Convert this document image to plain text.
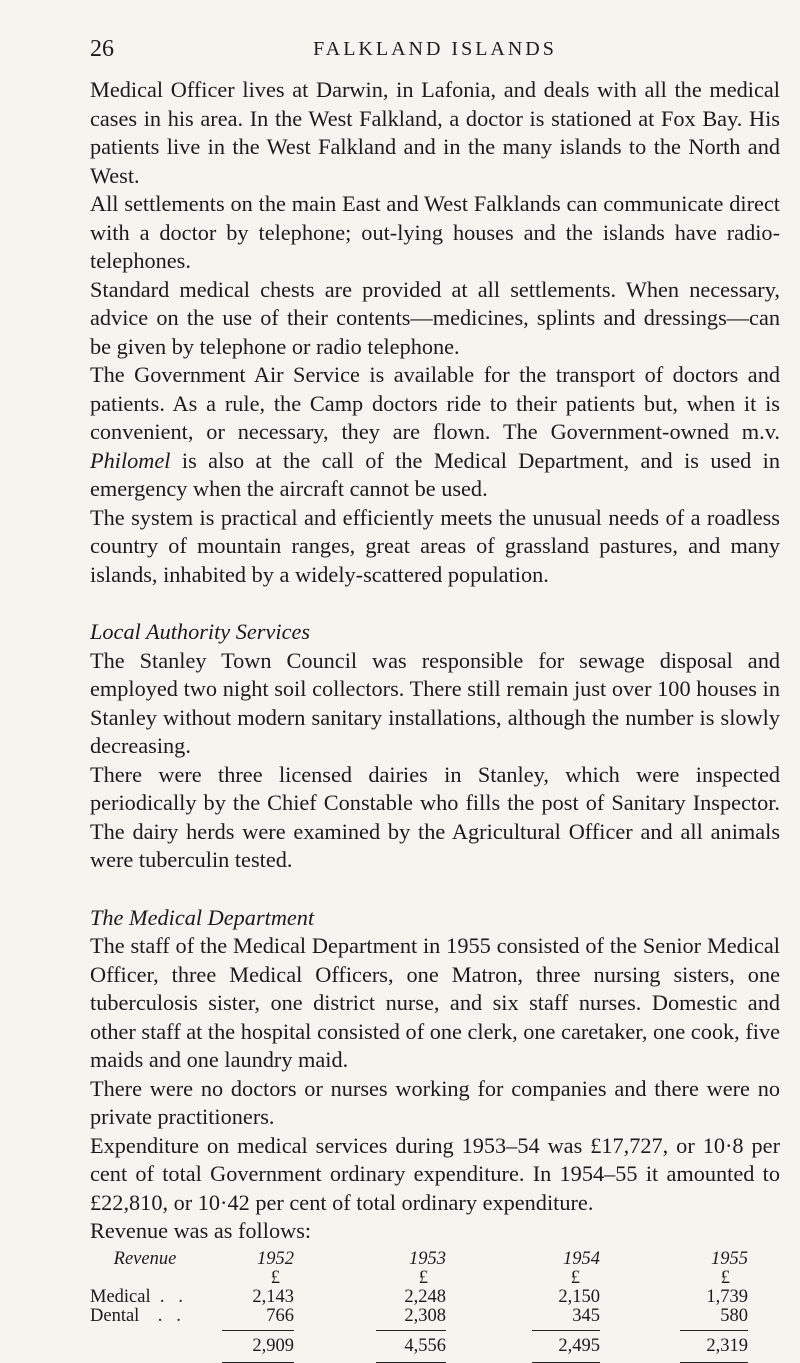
26	FALKLAND ISLANDS

Medical Officer lives at Darwin, in Lafonia, and deals with all the medical cases in his area. In the West Falkland, a doctor is stationed at Fox Bay. His patients live in the West Falkland and in the many islands to the North and West.

All settlements on the main East and West Falklands can communicate direct with a doctor by telephone; out-lying houses and the islands have radio-telephones.

Standard medical chests are provided at all settlements. When necessary, advice on the use of their contents—medicines, splints and dressings—can be given by telephone or radio telephone.

The Government Air Service is available for the transport of doctors and patients. As a rule, the Camp doctors ride to their patients but, when it is convenient, or necessary, they are flown. The Government-owned m.v. Philomel is also at the call of the Medical Department, and is used in emergency when the aircraft cannot be used.

The system is practical and efficiently meets the unusual needs of a roadless country of mountain ranges, great areas of grassland pastures, and many islands, inhabited by a widely-scattered population.

Local Authority Services

The Stanley Town Council was responsible for sewage disposal and employed two night soil collectors. There still remain just over 100 houses in Stanley without modern sanitary installations, although the number is slowly decreasing.

There were three licensed dairies in Stanley, which were inspected periodically by the Chief Constable who fills the post of Sanitary Inspector. The dairy herds were examined by the Agricultural Officer and all animals were tuberculin tested.

The Medical Department

The staff of the Medical Department in 1955 consisted of the Senior Medical Officer, three Medical Officers, one Matron, three nursing sisters, one tuberculosis sister, one district nurse, and six staff nurses. Domestic and other staff at the hospital consisted of one clerk, one caretaker, one cook, five maids and one laundry maid.

There were no doctors or nurses working for companies and there were no private practitioners.

Expenditure on medical services during 1953–54 was £17,727, or 10·8 per cent of total Government ordinary expenditure. In 1954–55 it amounted to £22,810, or 10·42 per cent of total ordinary expenditure.

Revenue was as follows:

Revenue	1952	1953	1954	1955
	£	£	£	£
Medical  .   .	2,143	2,248	2,150	1,739
Dental    .   .	766	2,308	345	580

	2,909	4,556	2,495	2,319
